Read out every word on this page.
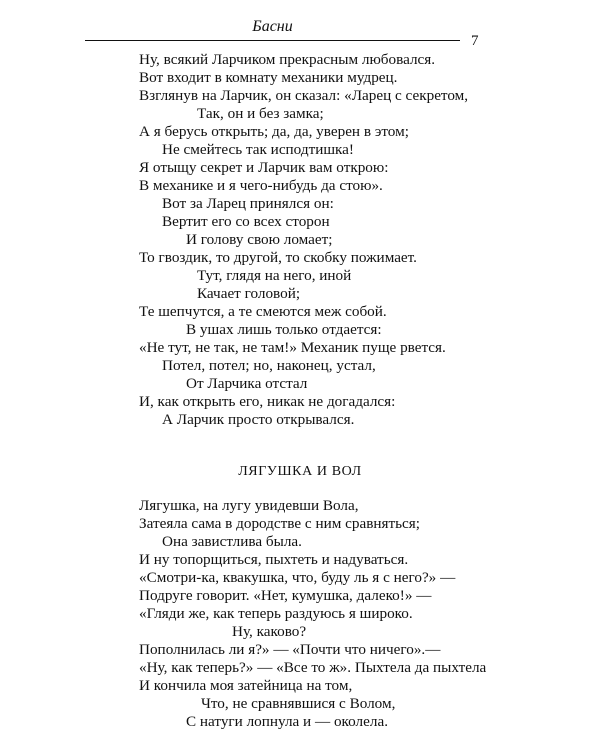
Басни
7
Ну, всякий Ларчиком прекрасным любовался.
Вот входит в комнату механики мудрец.
Взглянув на Ларчик, он сказал: «Ларец с секретом,
Так, он и без замка;
А я берусь открыть; да, да, уверен в этом;
Не смейтесь так исподтишка!
Я отыщу секрет и Ларчик вам открою:
В механике и я чего-нибудь да стою».
Вот за Ларец принялся он:
Вертит его со всех сторон
И голову свою ломает;
То гвоздик, то другой, то скобку пожимает.
Тут, глядя на него, иной
Качает головой;
Те шепчутся, а те смеются меж собой.
В ушах лишь только отдается:
«Не тут, не так, не там!» Механик пуще рвется.
Потел, потел; но, наконец, устал,
От Ларчика отстал
И, как открыть его, никак не догадался:
А Ларчик просто открывался.
ЛЯГУШКА И ВОЛ
Лягушка, на лугу увидевши Вола,
Затеяла сама в дородстве с ним сравняться;
Она завистлива была.
И ну топорщиться, пыхтеть и надуваться.
«Смотри-ка, квакушка, что, буду ль я с него?» —
Подруге говорит. «Нет, кумушка, далеко!» —
«Гляди же, как теперь раздуюсь я широко.
Ну, каково?
Пополнилась ли я?» — «Почти что ничего».—
«Ну, как теперь?» — «Все то ж». Пыхтела да пыхтела
И кончила моя затейница на том,
Что, не сравнявшися с Волом,
С натуги лопнула и — околела.
